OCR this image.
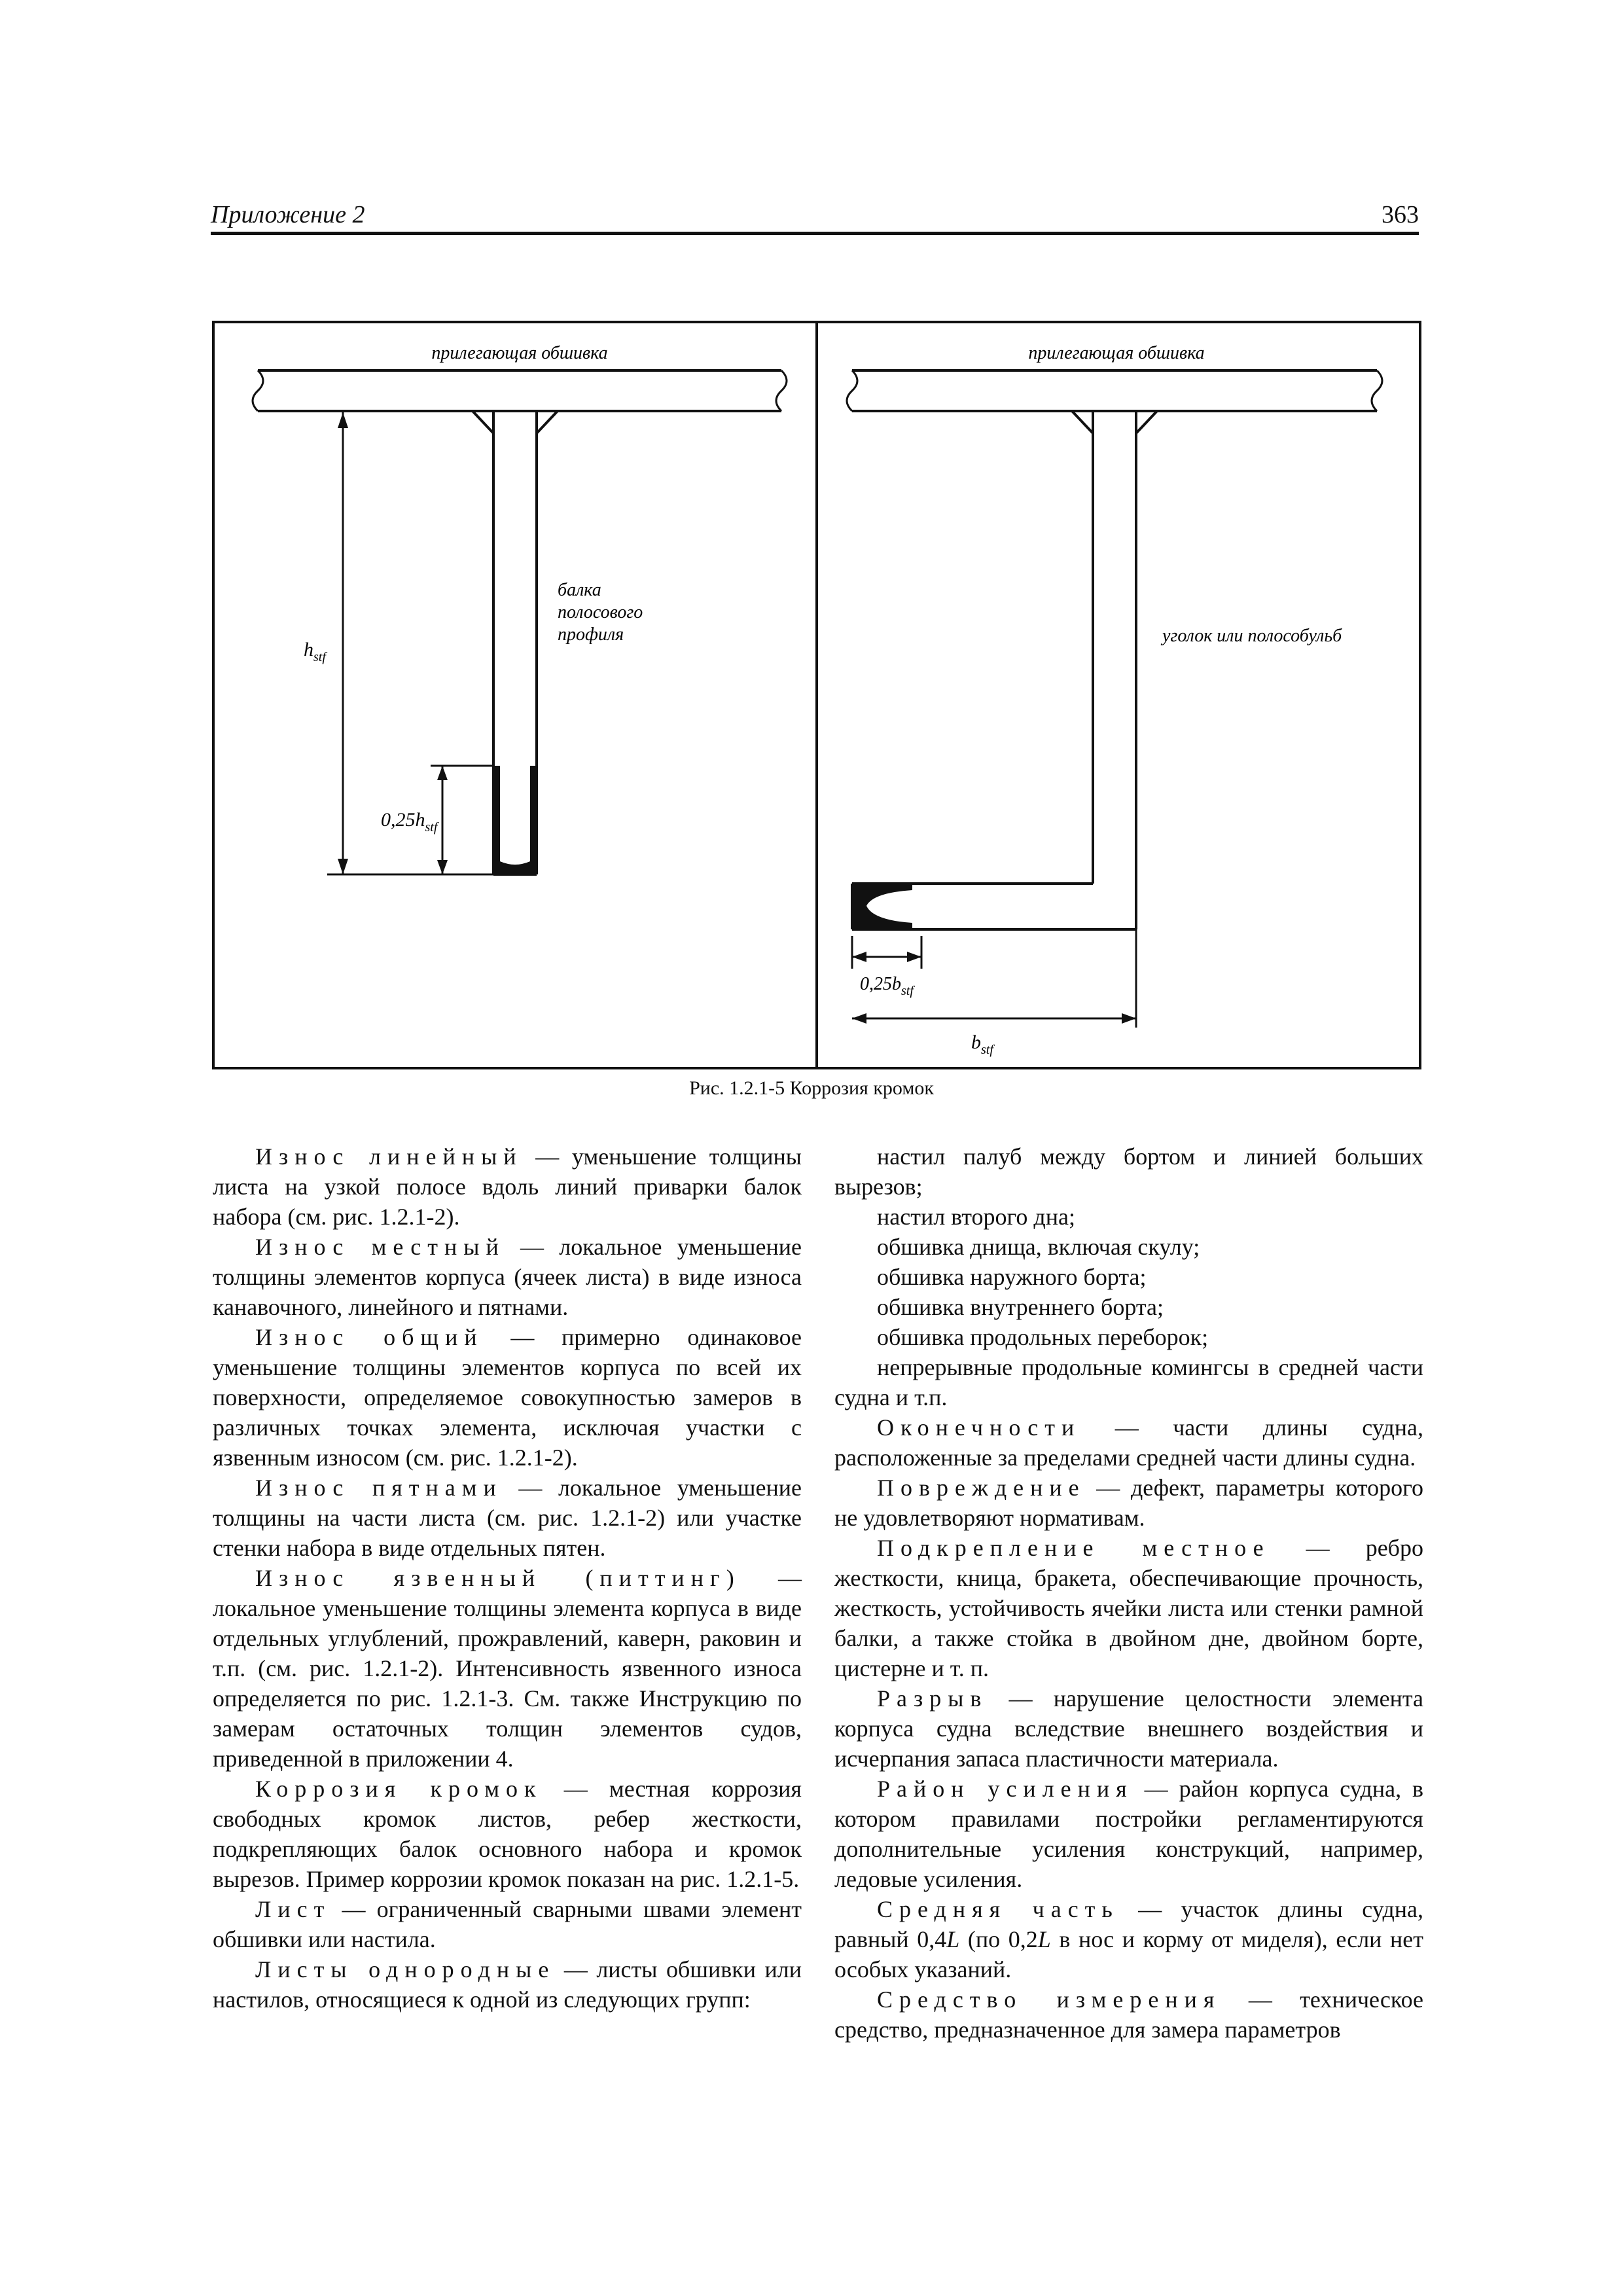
Приложение 2	363
прилегающая обшивка
балка
полосового
профиля
$h_{stf}$
$0,25h_{stf}$
прилегающая обшивка
уголок или полособульб
$0,25b_{stf}$
$b_{stf}$
Рис. 1.2.1-5 Коррозия кромок

Износ линейный — уменьшение толщины листа на узкой полосе вдоль линий приварки балок набора (см. рис. 1.2.1-2).

Износ местный — локальное уменьшение толщины элементов корпуса (ячеек листа) в виде износа канавочного, линейного и пятнами.

Износ общий — примерно одинаковое уменьшение толщины элементов корпуса по всей их поверхности, определяемое совокупностью замеров в различных точках элемента, исключая участки с язвенным износом (см. рис. 1.2.1-2).

Износ пятнами — локальное уменьшение толщины на части листа (см. рис. 1.2.1-2) или участке стенки набора в виде отдельных пятен.

Износ язвенный (питтинг) — локальное уменьшение толщины элемента корпуса в виде отдельных углублений, прожравлений, каверн, раковин и т.п. (см. рис. 1.2.1-2). Интенсивность язвенного износа определяется по рис. 1.2.1-3. См. также Инструкцию по замерам остаточных толщин элементов судов, приведенной в приложении 4.

Коррозия кромок — местная коррозия свободных кромок листов, ребер жесткости, подкрепляющих балок основного набора и кромок вырезов. Пример коррозии кромок показан на рис. 1.2.1-5.

Лист — ограниченный сварными швами элемент обшивки или настила.

Листы однородные — листы обшивки или настилов, относящиеся к одной из следующих групп:

настил палуб между бортом и линией больших вырезов;

настил второго дна;

обшивка днища, включая скулу;

обшивка наружного борта;

обшивка внутреннего борта;

обшивка продольных переборок;

непрерывные продольные комингсы в средней части судна и т.п.

Оконечности — части длины судна, расположенные за пределами средней части длины судна.

Повреждение — дефект, параметры которого не удовлетворяют нормативам.

Подкрепление местное — ребро жесткости, кница, бракета, обеспечивающие прочность, жесткость, устойчивость ячейки листа или стенки рамной балки, а также стойка в двойном дне, двойном борте, цистерне и т. п.

Разрыв — нарушение целостности элемента корпуса судна вследствие внешнего воздействия и исчерпания запаса пластичности материала.

Район усиления — район корпуса судна, в котором правилами постройки регламентируются дополнительные усиления конструкций, например, ледовые усиления.

Средняя часть — участок длины судна, равный 0,4L (по 0,2L в нос и корму от миделя), если нет особых указаний.

Средство измерения — техническое средство, предназначенное для замера параметров
